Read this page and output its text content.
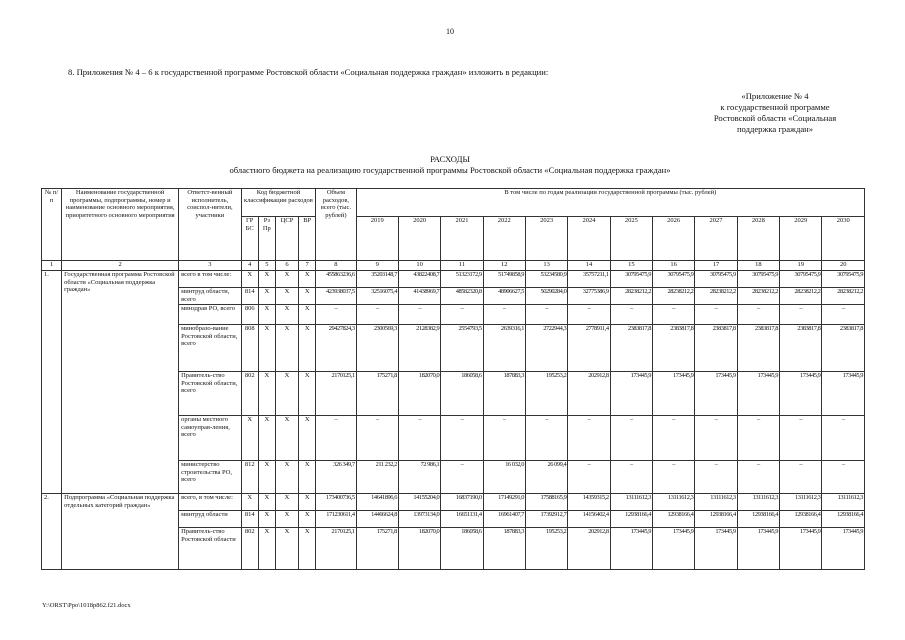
10
8. Приложения № 4 – 6 к государственной программе Ростовской области «Социальная поддержка граждан» изложить в редакции:
«Приложение № 4
к государственной программе
Ростовской области «Социальная
поддержка граждан»
РАСХОДЫ
областного бюджета на реализацию государственной программы Ростовской области «Социальная поддержка граждан»
№ п/п	Наименование государственной программы, подпрограммы, номер и наименование основного мероприятия, приоритетного основного мероприятия	Ответст-венный исполнитель, соиспол-нители, участники	Код бюджетной классификации расходов				Объем расходов, всего (тыс. рублей)	В том числе по годам реализации государственной программы (тыс. рублей)											
			ГР БС	Рз Пр	ЦСР	ВР		2019	2020	2021	2022	2023	2024	2025	2026	2027	2028	2029	2030
1	2	3	4	5	6	7	8	9	10	11	12	13	14	15	16	17	18	19	20
1.	Государственная программа Ростовской области «Социальная поддержка граждан»	всего в том числе:	X	X	X	X	455863236,6	35203148,7	43822408,7	51323172,9	51749858,9	53234580,9	35757211,1	30795475,9	30795475,9	30795475,9	30795475,9	30795475,9	30795475,9
		минтруд области, всего	814	X	X	X	423938037,5	32516075,4	41438969,7	48582320,8	48906627,5	50290284,0	32775386,9	28238212,2	28238212,2	28238212,2	28238212,2	28238212,2	28238212,2
		минздрав РО, всего	806	X	X	X	–	–	–	–	–	–	–	–	–	–	–	–	–
		минобразо-вание Ростовской области, всего	808	X	X	X	29427824,3	2300569,3	2128382,9	2554793,5	2639316,1	2722944,3	2778911,4	2383817,8	2383817,8	2383817,8	2383817,8	2383817,8	2383817,8
		Правитель-ство Ростовской области, всего	802	X	X	X	2170125,1	175271,8	182070,0	186058,6	187883,3	195253,2	202912,8	173445,9	173445,9	173445,9	173445,9	173445,9	173445,9
		органы местного самоуправ-ления, всего	X	X	X	X	–	–	–	–	–	–	–	–	–	–	–	–	–
		министерство строительства РО, всего	812	X	X	X	326 349,7	211 232,2	72 986,1	–	16 032,0	26 099,4	–	–	–	–	–	–	–
2.	Подпрограмма «Социальная поддержка отдельных категорий граждан»	всего, в том числе:	X	X	X	X	173400736,5	14641896,6	14155204,0	16837190,0	17149291,0	17588165,9	14359315,2	13111612,3	13111612,3	13111612,3	13111612,3	13111612,3	13111612,3
		минтруд области	814	X	X	X	171230611,4	14466624,8	13973134,0	16651131,4	16961407,7	17392912,7	14156402,4	12938166,4	12938166,4	12938166,4	12938166,4	12938166,4	12938166,4
		Правитель-ство Ростовской области	802	X	X	X	2170125,1	175271,8	182070,0	186058,6	187883,3	195253,2	202912,8	173445,9	173445,9	173445,9	173445,9	173445,9	173445,9
Y:\ORST\Ppo\1018p862.f21.docx
